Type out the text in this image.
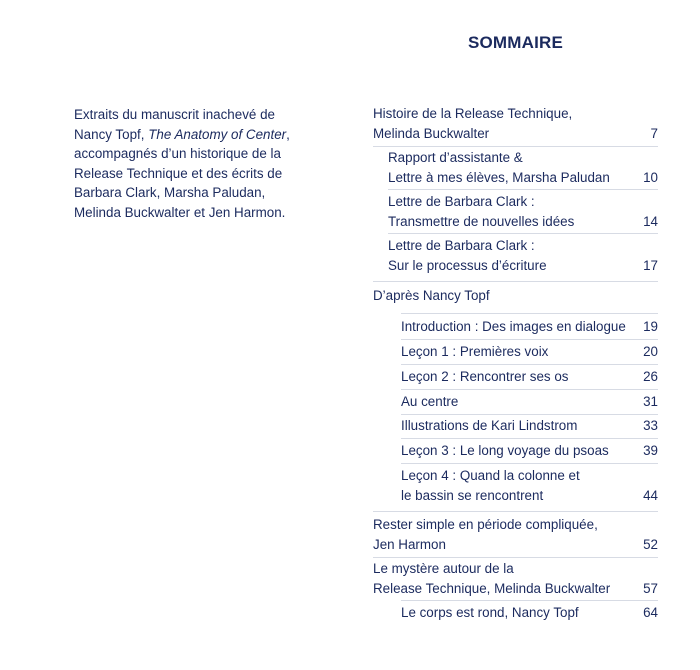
SOMMAIRE

Extraits du manuscrit inachevé de Nancy Topf, The Anatomy of Center, accompagnés d’un historique de la Release Technique et des écrits de Barbara Clark, Marsha Paludan, Melinda Buckwalter et Jen Harmon.

Histoire de la Release Technique,
Melinda Buckwalter	7
Rapport d’assistante &
Lettre à mes élèves, Marsha Paludan	10
Lettre de Barbara Clark :
Transmettre de nouvelles idées	14
Lettre de Barbara Clark :
Sur le processus d’écriture	17
D’après Nancy Topf
Introduction : Des images en dialogue	19
Leçon 1 : Premières voix	20
Leçon 2 : Rencontrer ses os	26
Au centre	31
Illustrations de Kari Lindstrom	33
Leçon 3 : Le long voyage du psoas	39
Leçon 4 : Quand la colonne et
le bassin se rencontrent	44
Rester simple en période compliquée,
Jen Harmon	52
Le mystère autour de la
Release Technique, Melinda Buckwalter	57
Le corps est rond, Nancy Topf	64
